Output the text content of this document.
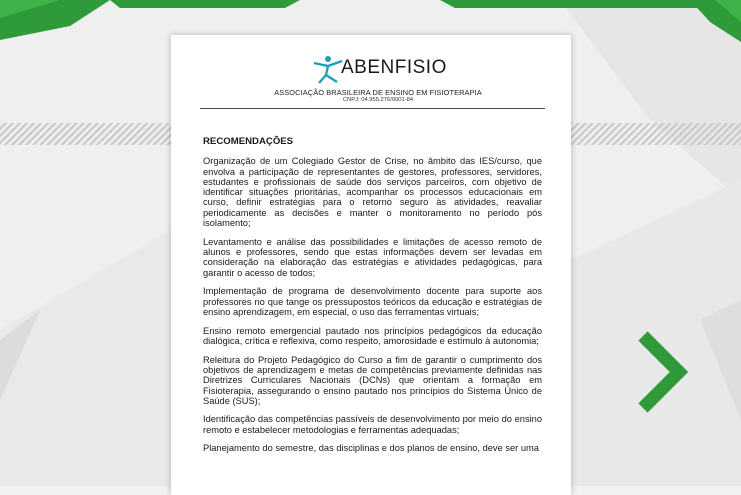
ABENFISIO
ASSOCIAÇÃO BRASILEIRA DE ENSINO EM FISIOTERAPIA
CNPJ: 04.955.276/0001-84

RECOMENDAÇÕES

Organização de um Colegiado Gestor de Crise, no âmbito das IES/curso, que envolva a participação de representantes de gestores, professores, servidores, estudantes e profissionais de saúde dos serviços parceiros, com objetivo de identificar situações prioritárias, acompanhar os processos educacionais em curso, definir estratégias para o retorno seguro às atividades, reavaliar periodicamente as decisões e manter o monitoramento no período pós isolamento;

Levantamento e análise das possibilidades e limitações de acesso remoto de alunos e professores, sendo que estas informações devem ser levadas em consideração na elaboração das estratégias e atividades pedagógicas, para garantir o acesso de todos;

Implementação de programa de desenvolvimento docente para suporte aos professores no que tange os pressupostos teóricos da educação e estratégias de ensino aprendizagem, em especial, o uso das ferramentas virtuais;

Ensino remoto emergencial pautado nos princípios pedagógicos da educação dialógica, crítica e reflexiva, como respeito, amorosidade e estímulo à autonomia;

Releitura do Projeto Pedagógico do Curso a fim de garantir o cumprimento dos objetivos de aprendizagem e metas de competências previamente definidas nas Diretrizes Curriculares Nacionais (DCNs) que orientam a formação em Fisioterapia, assegurando o ensino pautado nos princípios do Sistema Único de Saúde (SUS);

Identificação das competências passíveis de desenvolvimento por meio do ensino remoto e estabelecer metodologias e ferramentas adequadas;

Planejamento do semestre, das disciplinas e dos planos de ensino, deve ser uma
